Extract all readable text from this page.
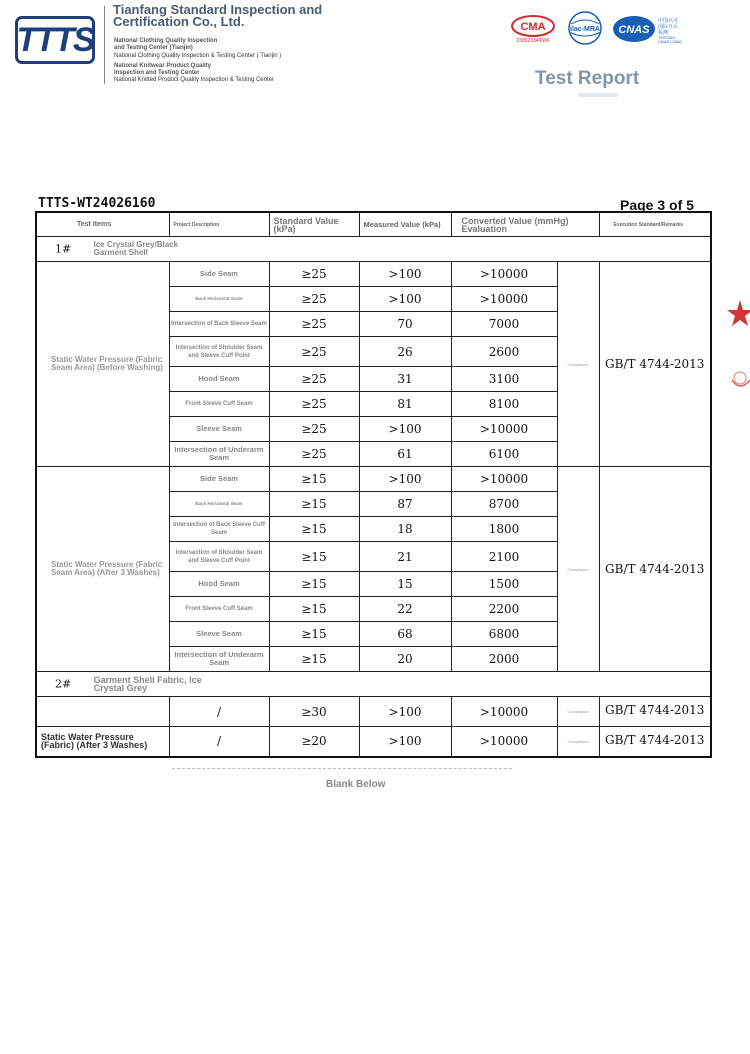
TTTS
Tianfang Standard Inspection and Certification Co., Ltd.
National Clothing Quality Inspection
and Testing Center (Tianjin)
National Clothing Quality Inspection & Testing Center ( Tianjin )
National Knitwear Product Quality
Inspection and Testing Center
National Knitted Product Quality Inspection & Testing Center
CMA
230023349666
ilac-MRA CNAS
中国认可
国际互认
检测
TESTING
CNAS L0606
Test Report
TTTS-WT24026160	Page 3 of 5
Test Items	Project Description	Standard Value (kPa)	Measured Value (kPa)	Converted Value (mmHg) Evaluation		Execution Standard/Remarks
1# Ice Crystal Grey/Black Garment Shell						
Static Water Pressure (Fabric Seam Area) (Before Washing)	Side Seam	≥25	>100	>10000	Compliance	GB/T 4744-2013
	Back Horizontal Seam	≥25	>100	>10000		
	Intersection of Back Sleeve Seam	≥25	70	7000		
	Intersection of Shoulder Seam and Sleeve Cuff Point	≥25	26	2600		
	Hood Seam	≥25	31	3100		
	Front Sleeve Cuff Seam	≥25	81	8100		
	Sleeve Seam	≥25	>100	>10000		
	Intersection of Underarm Seam	≥25	61	6100		
Static Water Pressure (Fabric Seam Area) (After 3 Washes)	Side Seam	≥15	>100	>10000	Compliance	GB/T 4744-2013
	Back Horizontal Seam	≥15	87	8700		
	Intersection of Back Sleeve Cuff Seam	≥15	18	1800		
	Intersection of Shoulder Seam and Sleeve Cuff Point	≥15	21	2100		
	Hood Seam	≥15	15	1500		
	Front Sleeve Cuff Seam	≥15	22	2200		
	Sleeve Seam	≥15	68	6800		
	Intersection of Underarm Seam	≥15	20	2000		
2# Garment Shell Fabric, Ice Crystal Grey						
	/	≥30	>100	>10000	Compliance	GB/T 4744-2013
Static Water Pressure (Fabric) (After 3 Washes)	/	≥20	>100	>10000	Compliance	GB/T 4744-2013
Blank Below
